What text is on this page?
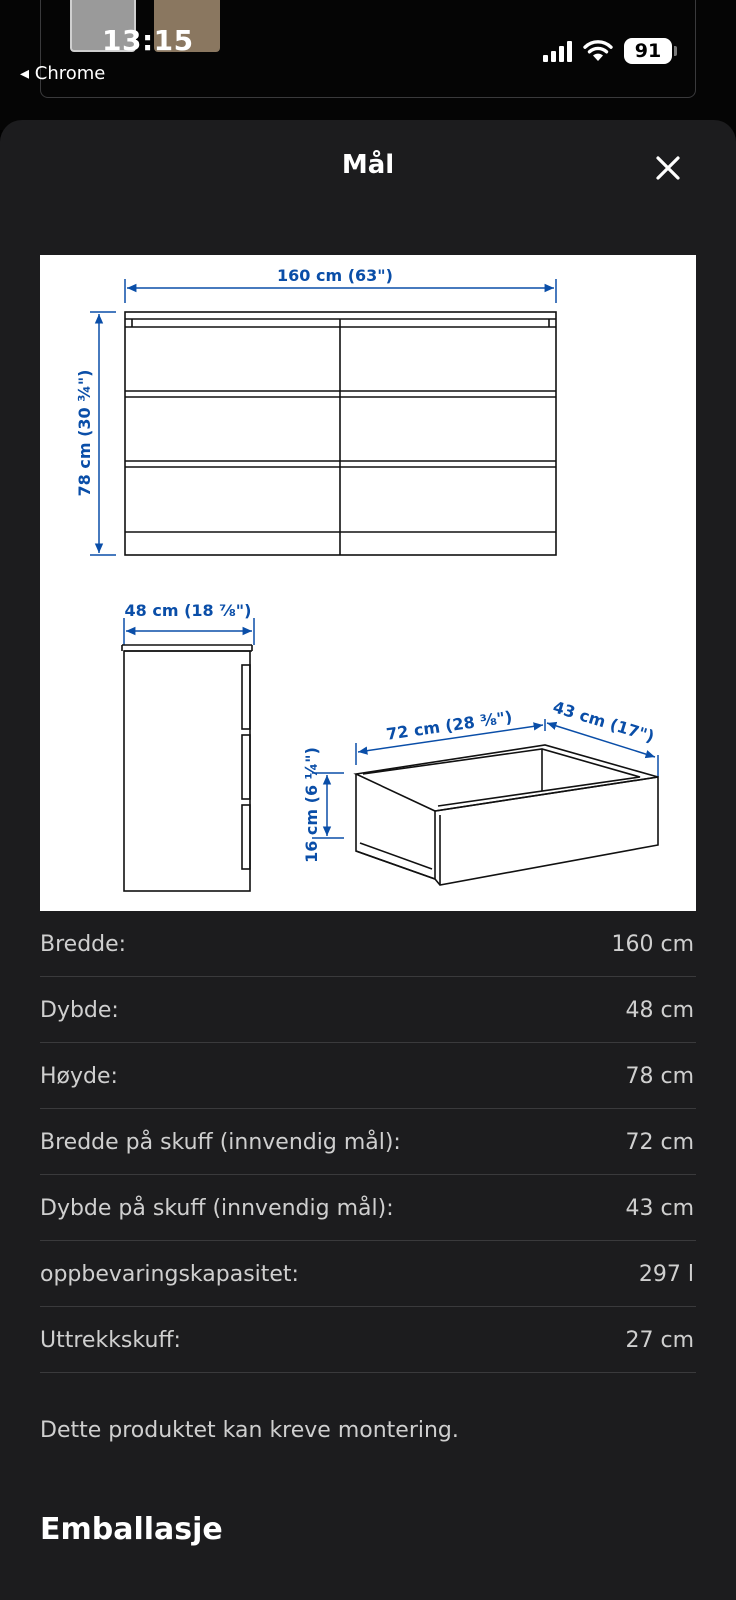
13:15
◂ Chrome
91
Mål
160 cm (63")
78 cm (30 ¾")
48 cm (18 ⅞")
72 cm (28 ⅜") 43 cm (17")
16 cm (6 ¼")
Bredde:	160 cm
Dybde:	48 cm
Høyde:	78 cm
Bredde på skuff (innvendig mål):	72 cm
Dybde på skuff (innvendig mål):	43 cm
oppbevaringskapasitet:	297 l
Uttrekkskuff:	27 cm
Dette produktet kan kreve montering.
Emballasje
